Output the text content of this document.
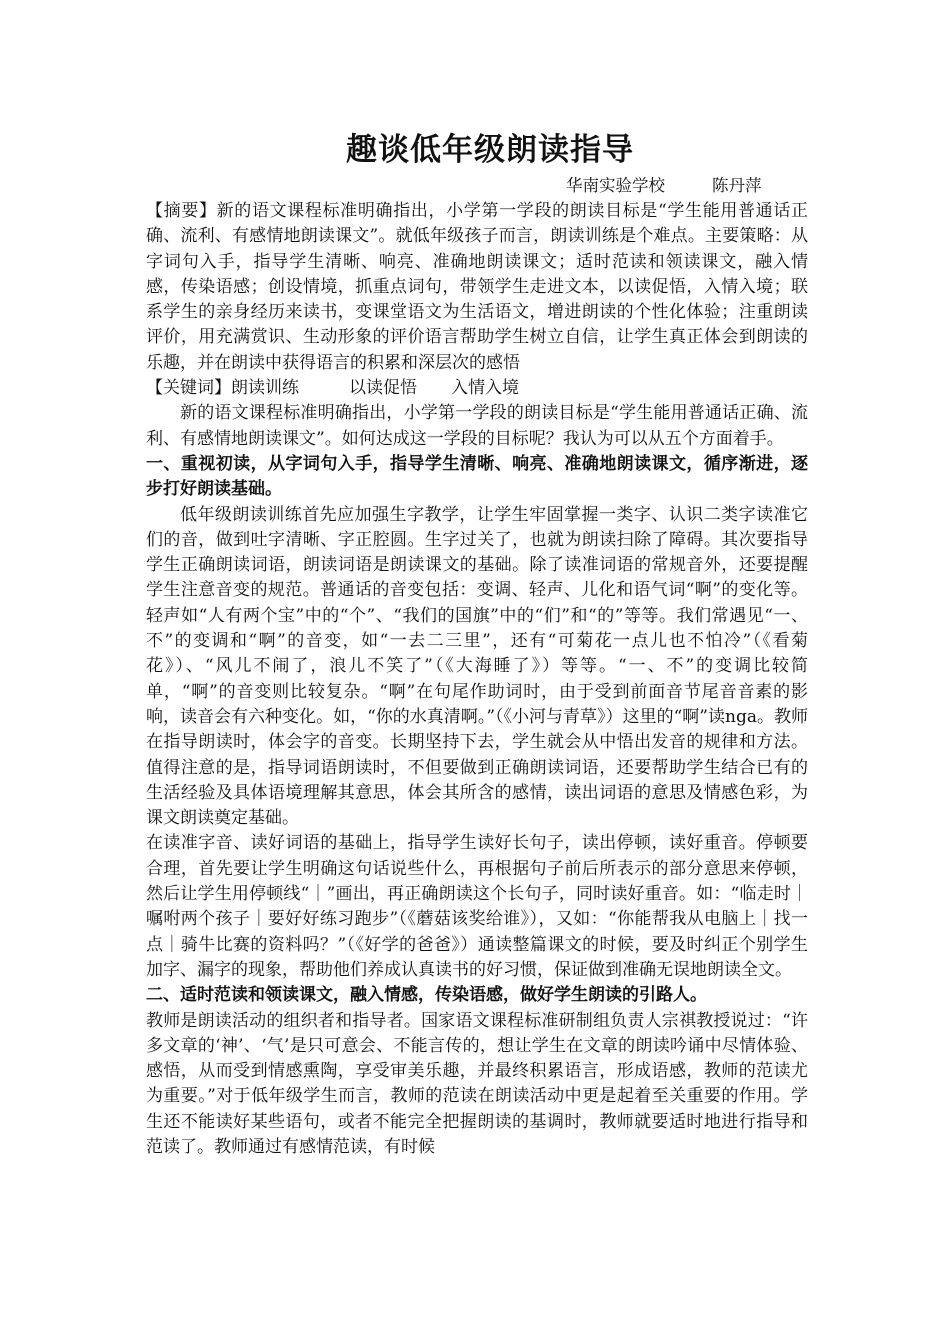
趣谈低年级朗读指导
华南实验学校	陈丹萍

【摘要】新的语文课程标准明确指出，小学第一学段的朗读目标是“学生能用普通话正确、流利、有感情地朗读课文”。就低年级孩子而言，朗读训练是个难点。主要策略：从字词句入手，指导学生清晰、响亮、准确地朗读课文；适时范读和领读课文，融入情感，传染语感；创设情境，抓重点词句，带领学生走进文本，以读促悟，入情入境；联系学生的亲身经历来读书，变课堂语文为生活语文，增进朗读的个性化体验；注重朗读评价，用充满赏识、生动形象的评价语言帮助学生树立自信，让学生真正体会到朗读的乐趣，并在朗读中获得语言的积累和深层次的感悟

【关键词】朗读训练	以读促悟 入情入境

新的语文课程标准明确指出，小学第一学段的朗读目标是“学生能用普通话正确、流利、有感情地朗读课文”。如何达成这一学段的目标呢？我认为可以从五个方面着手。

一、重视初读，从字词句入手，指导学生清晰、响亮、准确地朗读课文，循序渐进，逐步打好朗读基础。

低年级朗读训练首先应加强生字教学，让学生牢固掌握一类字、认识二类字读准它们的音，做到吐字清晰、字正腔圆。生字过关了，也就为朗读扫除了障碍。其次要指导学生正确朗读词语，朗读词语是朗读课文的基础。除了读准词语的常规音外，还要提醒学生注意音变的规范。普通话的音变包括：变调、轻声、儿化和语气词“啊”的变化等。轻声如“人有两个宝”中的“个”、“我们的国旗”中的“们”和“的”等等。我们常遇见“一、不”的变调和“啊”的音变，如“一去二三里”，还有“可菊花一点儿也不怕冷”（《看菊花》）、“风儿不闹了，浪儿不笑了”（《大海睡了》）等等。“一、不”的变调比较简单，“啊”的音变则比较复杂。“啊”在句尾作助词时，由于受到前面音节尾音音素的影响，读音会有六种变化。如，“你的水真清啊。”（《小河与青草》）这里的“啊”读nga。教师在指导朗读时，体会字的音变。长期坚持下去，学生就会从中悟出发音的规律和方法。值得注意的是，指导词语朗读时，不但要做到正确朗读词语，还要帮助学生结合已有的生活经验及具体语境理解其意思，体会其所含的感情，读出词语的意思及情感色彩，为课文朗读奠定基础。

在读准字音、读好词语的基础上，指导学生读好长句子，读出停顿，读好重音。停顿要合理，首先要让学生明确这句话说些什么，再根据句子前后所表示的部分意思来停顿，然后让学生用停顿线“｜”画出，再正确朗读这个长句子，同时读好重音。如：“临走时｜嘱咐两个孩子｜要好好练习跑步”（《蘑菇该奖给谁》），又如：“你能帮我从电脑上｜找一点｜骑牛比赛的资料吗？”（《好学的爸爸》）通读整篇课文的时候，要及时纠正个别学生加字、漏字的现象，帮助他们养成认真读书的好习惯，保证做到准确无误地朗读全文。

二、适时范读和领读课文，融入情感，传染语感，做好学生朗读的引路人。

教师是朗读活动的组织者和指导者。国家语文课程标准研制组负责人宗祺教授说过：“许多文章的‘神’、‘气’是只可意会、不能言传的，想让学生在文章的朗读吟诵中尽情体验、感悟，从而受到情感熏陶，享受审美乐趣，并最终积累语言，形成语感，教师的范读尤为重要。”对于低年级学生而言，教师的范读在朗读活动中更是起着至关重要的作用。学生还不能读好某些语句，或者不能完全把握朗读的基调时，教师就要适时地进行指导和范读了。教师通过有感情范读，有时候
